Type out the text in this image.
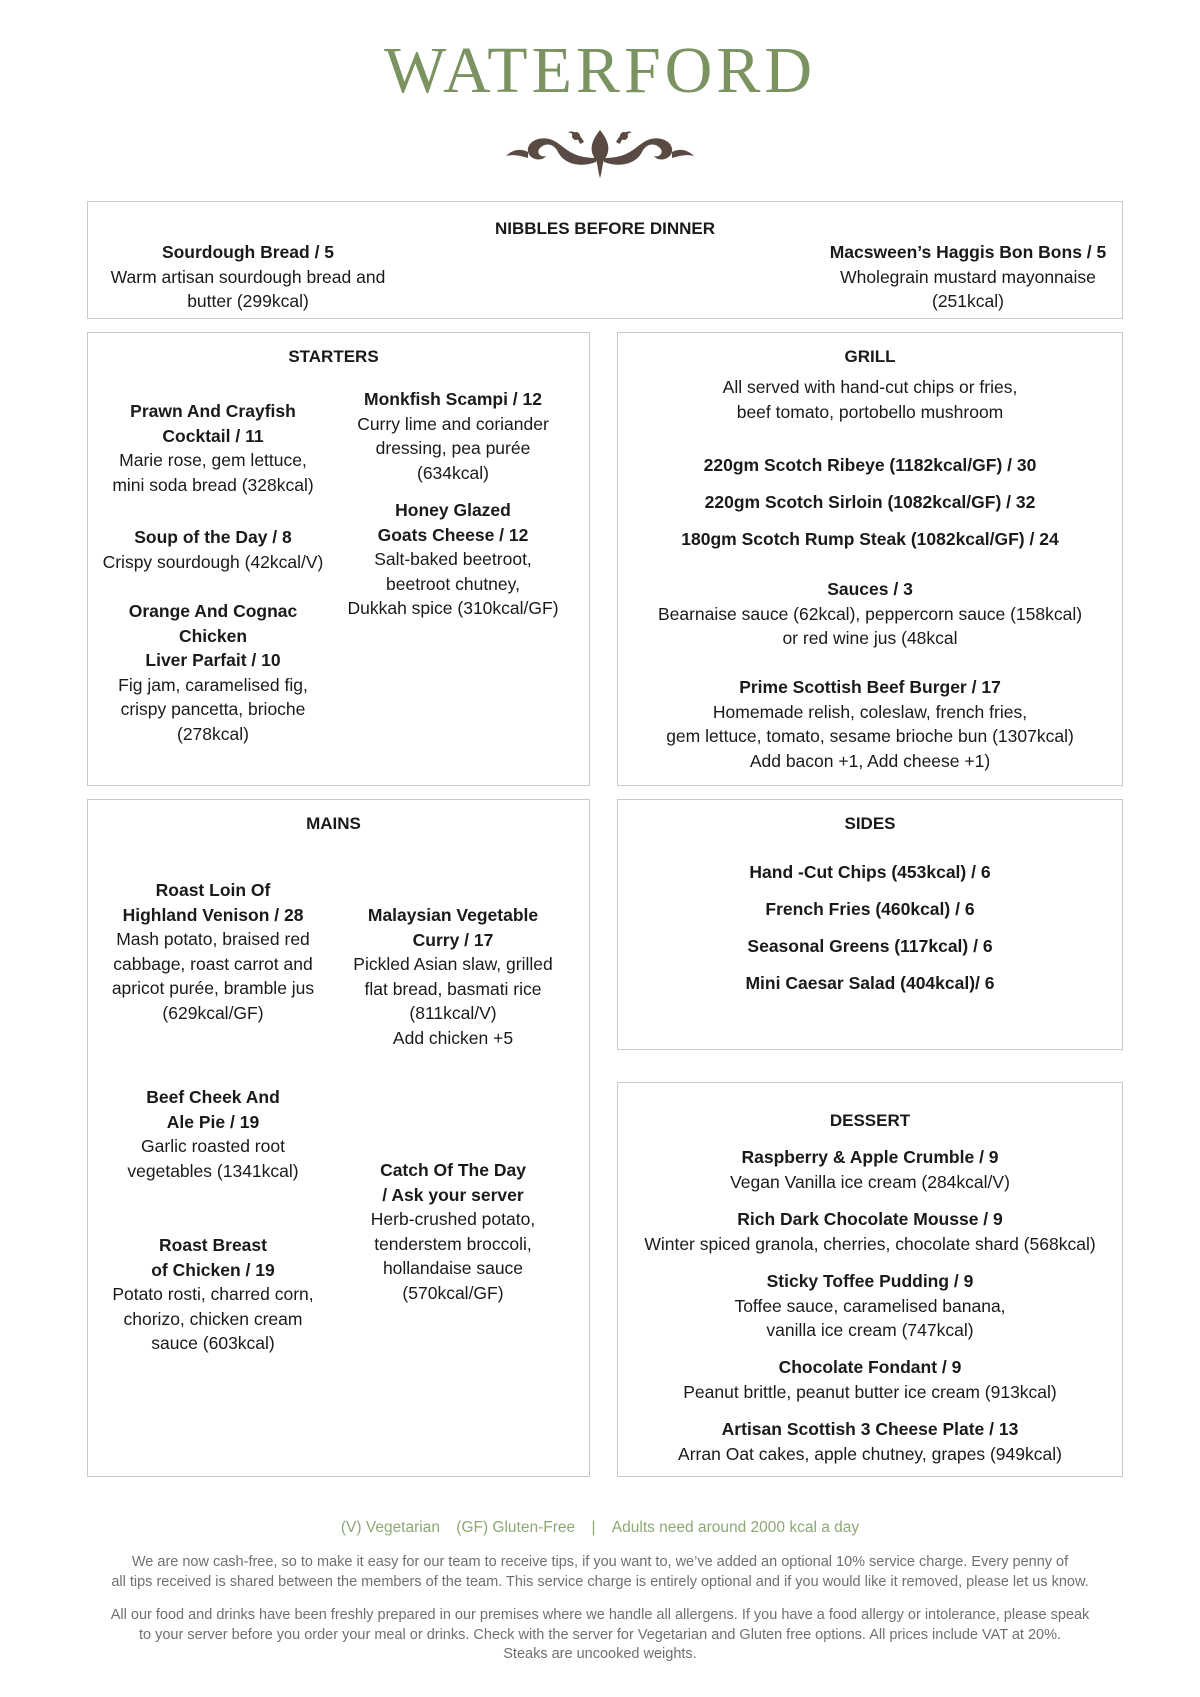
WATERFORD
NIBBLES BEFORE DINNER
Sourdough Bread / 5
Warm artisan sourdough bread and
butter (299kcal)
Macsween’s Haggis Bon Bons / 5
Wholegrain mustard mayonnaise
(251kcal)
STARTERS
Prawn And Crayfish
Cocktail / 11
Marie rose, gem lettuce,
mini soda bread (328kcal)
Soup of the Day / 8
Crispy sourdough (42kcal/V)
Orange And Cognac Chicken
Liver Parfait / 10
Fig jam, caramelised fig,
crispy pancetta, brioche
(278kcal)
Monkfish Scampi / 12
Curry lime and coriander
dressing, pea purée
(634kcal)
Honey Glazed
Goats Cheese / 12
Salt-baked beetroot,
beetroot chutney,
Dukkah spice (310kcal/GF)
GRILL
All served with hand-cut chips or fries,
beef tomato, portobello mushroom
220gm Scotch Ribeye (1182kcal/GF) / 30
220gm Scotch Sirloin (1082kcal/GF) / 32
180gm Scotch Rump Steak (1082kcal/GF) / 24
Sauces / 3
Bearnaise sauce (62kcal), peppercorn sauce (158kcal)
or red wine jus (48kcal
Prime Scottish Beef Burger / 17
Homemade relish, coleslaw, french fries,
gem lettuce, tomato, sesame brioche bun (1307kcal)
Add bacon +1, Add cheese +1)
MAINS
Roast Loin Of
Highland Venison / 28
Mash potato, braised red
cabbage, roast carrot and
apricot purée, bramble jus
(629kcal/GF)
Malaysian Vegetable
Curry / 17
Pickled Asian slaw, grilled
flat bread, basmati rice
(811kcal/V)
Add chicken +5
Beef Cheek And
Ale Pie / 19
Garlic roasted root
vegetables (1341kcal)	Catch Of The Day
/ Ask your server
Herb-crushed potato,
tenderstem broccoli,
hollandaise sauce
(570kcal/GF)
Roast Breast
of Chicken / 19
Potato rosti, charred corn,
chorizo, chicken cream
sauce (603kcal)
SIDES
Hand -Cut Chips (453kcal) / 6
French Fries (460kcal) / 6
Seasonal Greens (117kcal) / 6
Mini Caesar Salad (404kcal)/ 6
DESSERT
Raspberry & Apple Crumble / 9
Vegan Vanilla ice cream (284kcal/V)
Rich Dark Chocolate Mousse / 9
Winter spiced granola, cherries, chocolate shard (568kcal)
Sticky Toffee Pudding / 9
Toffee sauce, caramelised banana,
vanilla ice cream (747kcal)
Chocolate Fondant / 9
Peanut brittle, peanut butter ice cream (913kcal)
Artisan Scottish 3 Cheese Plate / 13
Arran Oat cakes, apple chutney, grapes (949kcal)
(V) Vegetarian (GF) Gluten-Free | Adults need around 2000 kcal a day
We are now cash-free, so to make it easy for our team to receive tips, if you want to, we’ve added an optional 10% service charge. Every penny of
all tips received is shared between the members of the team. This service charge is entirely optional and if you would like it removed, please let us know.
All our food and drinks have been freshly prepared in our premises where we handle all allergens. If you have a food allergy or intolerance, please speak
to your server before you order your meal or drinks. Check with the server for Vegetarian and Gluten free options. All prices include VAT at 20%.
Steaks are uncooked weights.
